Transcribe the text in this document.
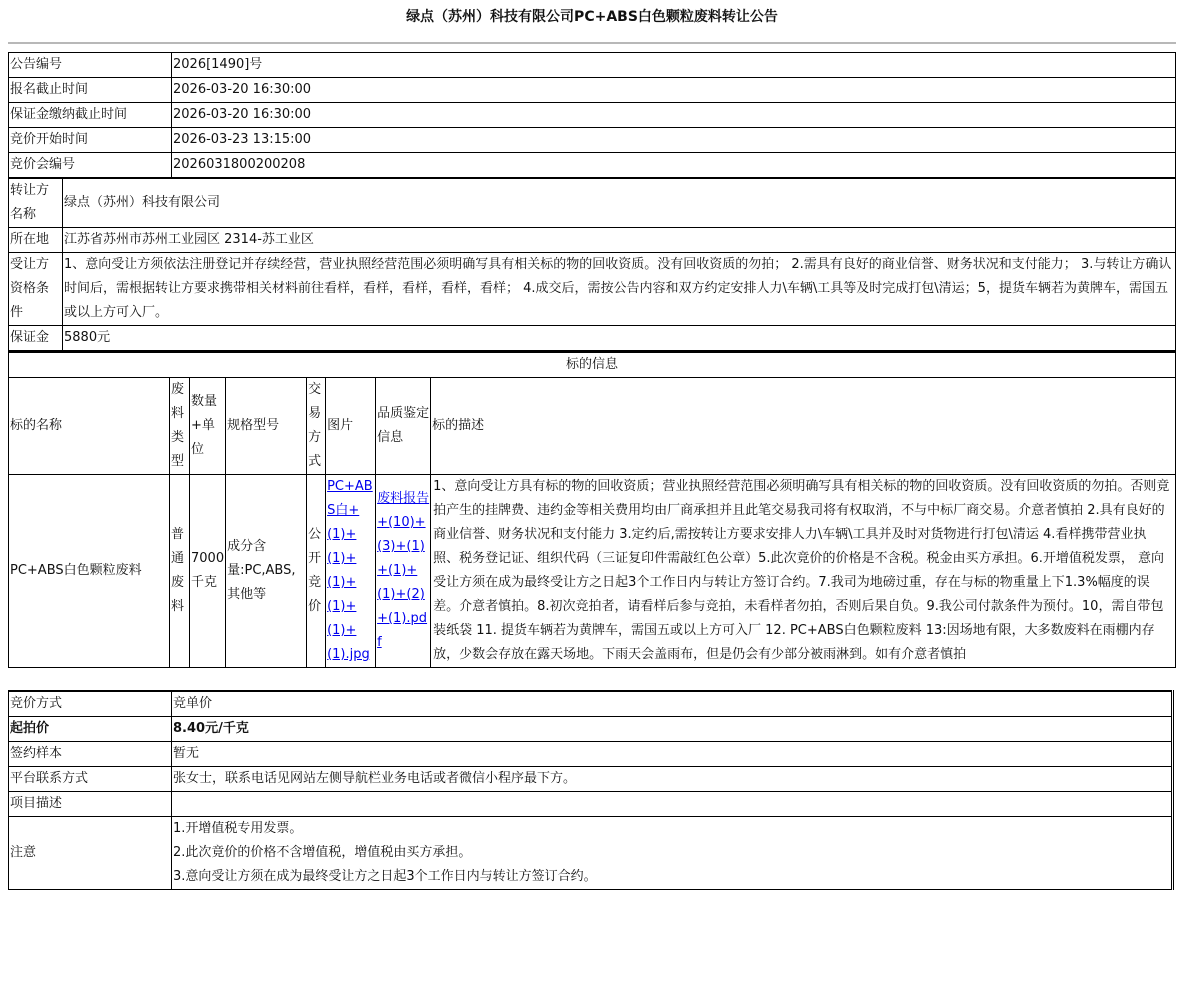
绿点（苏州）科技有限公司PC+ABS白色颗粒废料转让公告
公告编号	2026[1490]号
报名截止时间	2026-03-20 16:30:00
保证金缴纳截止时间	2026-03-20 16:30:00
竞价开始时间	2026-03-23 13:15:00
竞价会编号	2026031800200208
转让方名称	绿点（苏州）科技有限公司
所在地	江苏省苏州市苏州工业园区 2314-苏工业区
受让方资格条件	1、意向受让方须依法注册登记并存续经营，营业执照经营范围必须明确写具有相关标的物的回收资质。没有回收资质的勿拍； 2.需具有良好的商业信誉、财务状况和支付能力； 3.与转让方确认时间后，需根据转让方要求携带相关材料前往看样，看样，看样，看样，看样； 4.成交后，需按公告内容和双方约定安排人力\车辆\工具等及时完成打包\清运；5，提货车辆若为黄牌车，需国五或以上方可入厂。
保证金	5880元
标的信息							
标的名称	废料类型	数量+单位	规格型号	交易方式	图片	品质鉴定信息	标的描述
PC+ABS白色颗粒废料	普通废料	7000千克	成分含量:PC,ABS,其他等	公开竞价	PC+ABS白+(1)+(1)+(1)+(1)+(1)+(1).jpg	废料报告+(10)+(3)+(1)+(1)+(1)+(2)+(1).pdf	1、意向受让方具有标的物的回收资质；营业执照经营范围必须明确写具有相关标的物的回收资质。没有回收资质的勿拍。否则竟拍产生的挂牌费、违约金等相关费用均由厂商承担并且此笔交易我司将有权取消，不与中标厂商交易。介意者慎拍 2.具有良好的商业信誉、财务状况和支付能力 3.定约后,需按转让方要求安排人力\车辆\工具并及时对货物进行打包\清运 4.看样携带营业执照、税务登记证、组织代码（三证复印件需敲红色公章）5.此次竟价的价格是不含税。税金由买方承担。6.开增值税发票， 意向受让方须在成为最终受让方之日起3个工作日内与转让方签订合约。7.我司为地磅过重，存在与标的物重量上下1.3%幅度的误差。介意者慎拍。8.初次竞拍者，请看样后参与竞拍，未看样者勿拍，否则后果自负。9.我公司付款条件为预付。10，需自带包装纸袋 11. 提货车辆若为黄牌车，需国五或以上方可入厂 12. PC+ABS白色颗粒废料 13:因场地有限，大多数废料在雨棚内存放，少数会存放在露天场地。下雨天会盖雨布，但是仍会有少部分被雨淋到。如有介意者慎拍
竞价方式	竞单价
起拍价	8.40元/千克
签约样本	暂无
平台联系方式	张女士，联系电话见网站左侧导航栏业务电话或者微信小程序最下方。
项目描述	
注意	1.开增值税专用发票。
2.此次竟价的价格不含增值税，增值税由买方承担。
3.意向受让方须在成为最终受让方之日起3个工作日内与转让方签订合约。
